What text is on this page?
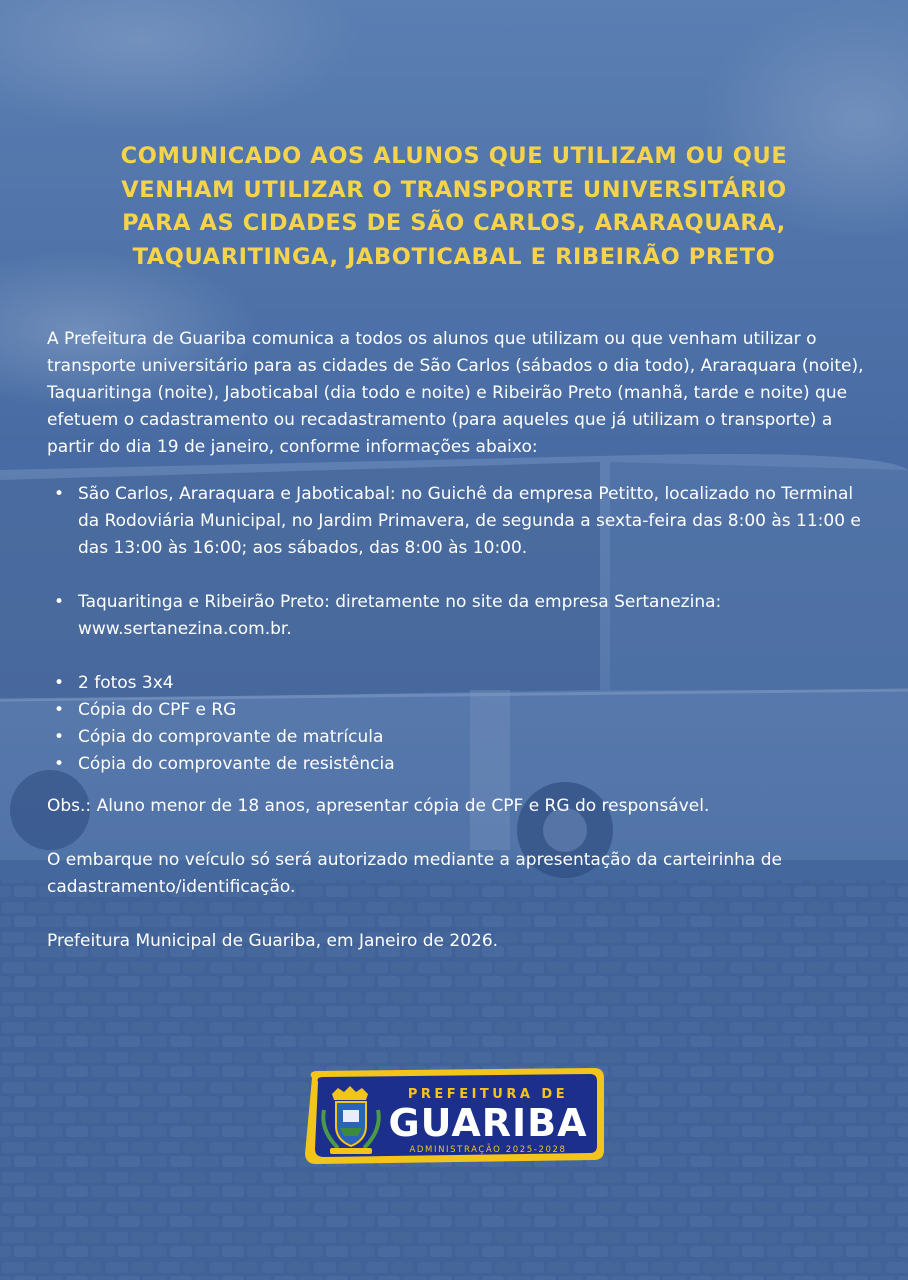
COMUNICADO AOS ALUNOS QUE UTILIZAM OU QUE
VENHAM UTILIZAR O TRANSPORTE UNIVERSITÁRIO
PARA AS CIDADES DE SÃO CARLOS, ARARAQUARA,
TAQUARITINGA, JABOTICABAL E RIBEIRÃO PRETO

A Prefeitura de Guariba comunica a todos os alunos que utilizam ou que venham utilizar o transporte universitário para as cidades de São Carlos (sábados o dia todo), Araraquara (noite), Taquaritinga (noite), Jaboticabal (dia todo e noite) e Ribeirão Preto (manhã, tarde e noite) que efetuem o cadastramento ou recadastramento (para aqueles que já utilizam o transporte) a partir do dia 19 de janeiro, conforme informações abaixo:

• São Carlos, Araraquara e Jaboticabal: no Guichê da empresa Petitto, localizado no Terminal da Rodoviária Municipal, no Jardim Primavera, de segunda a sexta-feira das 8:00 às 11:00 e das 13:00 às 16:00; aos sábados, das 8:00 às 10:00.
• Taquaritinga e Ribeirão Preto: diretamente no site da empresa Sertanezina: www.sertanezina.com.br.
• 2 fotos 3x4
• Cópia do CPF e RG
• Cópia do comprovante de matrícula
• Cópia do comprovante de resistência

Obs.: Aluno menor de 18 anos, apresentar cópia de CPF e RG do responsável.

O embarque no veículo só será autorizado mediante a apresentação da carteirinha de cadastramento/identificação.

Prefeitura Municipal de Guariba, em Janeiro de 2026.

PREFEITURA DE
GUARIBA
ADMINISTRAÇÃO 2025-2028
